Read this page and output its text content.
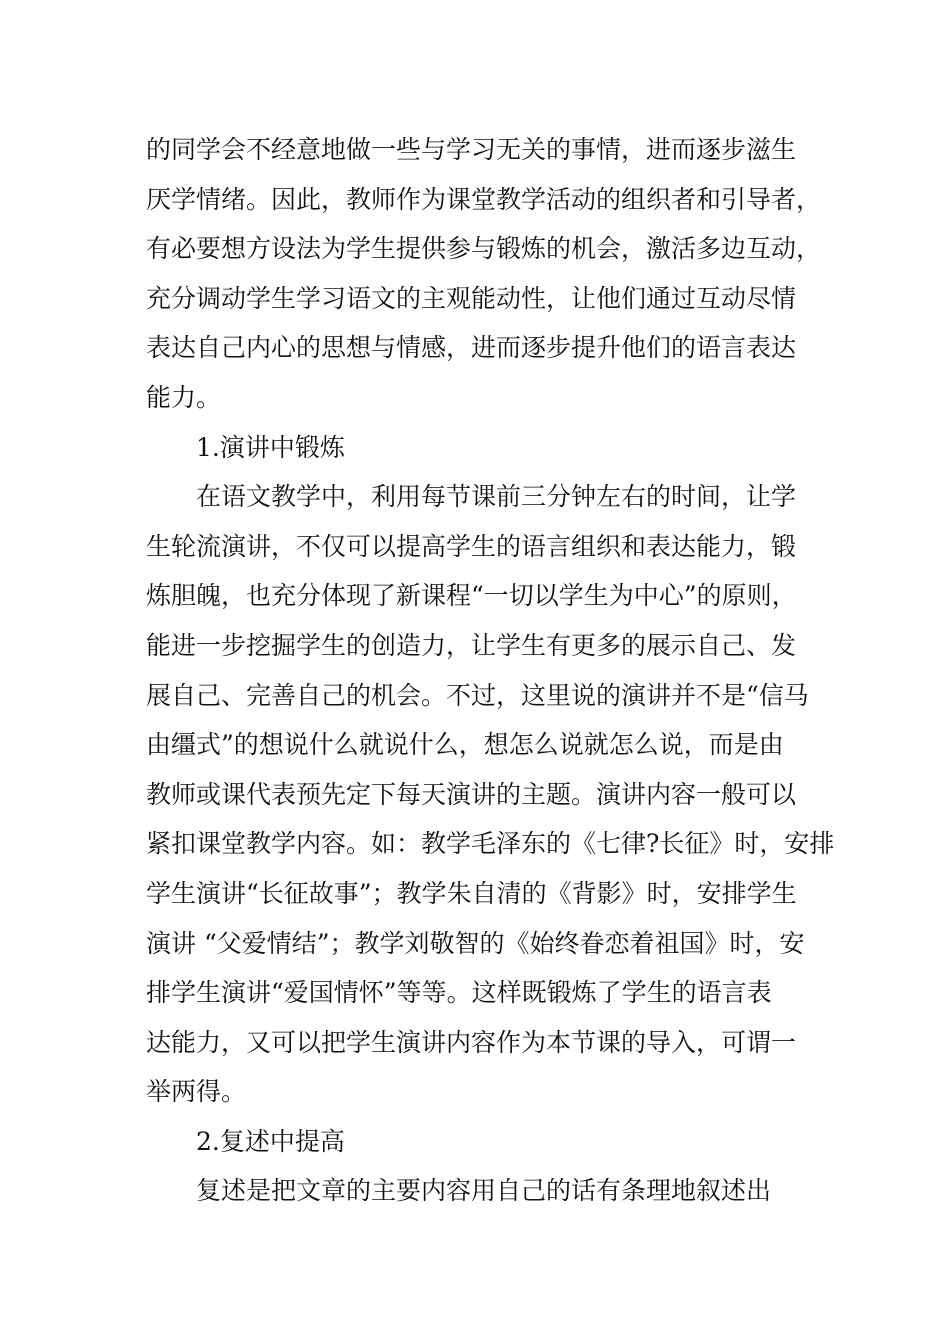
的同学会不经意地做一些与学习无关的事情，进而逐步滋生
厌学情绪。因此，教师作为课堂教学活动的组织者和引导者，
有必要想方设法为学生提供参与锻炼的机会，激活多边互动，
充分调动学生学习语文的主观能动性，让他们通过互动尽情
表达自己内心的思想与情感，进而逐步提升他们的语言表达
能力。
1.演讲中锻炼
在语文教学中，利用每节课前三分钟左右的时间，让学
生轮流演讲，不仅可以提高学生的语言组织和表达能力，锻
炼胆魄，也充分体现了新课程“一切以学生为中心”的原则，
能进一步挖掘学生的创造力，让学生有更多的展示自己、发
展自己、完善自己的机会。不过，这里说的演讲并不是“信马
由缰式”的想说什么就说什么，想怎么说就怎么说，而是由
教师或课代表预先定下每天演讲的主题。演讲内容一般可以
紧扣课堂教学内容。如：教学毛泽东的《七律?长征》时，安排
学生演讲“长征故事”；教学朱自清的《背影》时，安排学生
演讲 “父爱情结”；教学刘敬智的《始终眷恋着祖国》时，安
排学生演讲“爱国情怀”等等。这样既锻炼了学生的语言表
达能力，又可以把学生演讲内容作为本节课的导入，可谓一
举两得。
2.复述中提高
复述是把文章的主要内容用自己的话有条理地叙述出
